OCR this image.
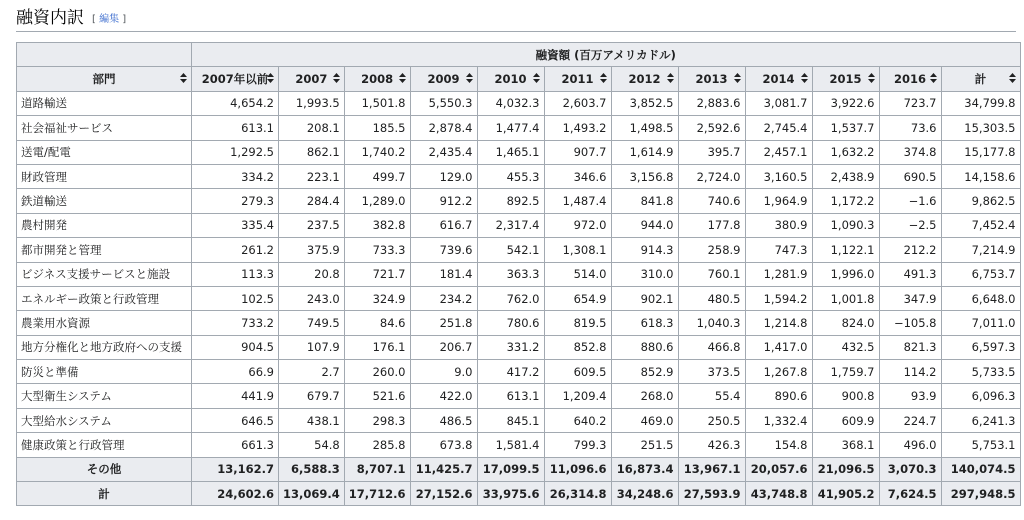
融資内訳 [ 編集 ]
	融資額 (百万アメリカドル)											
部門	2007年以前	2007	2008	2009	2010	2011	2012	2013	2014	2015	2016	計

道路輸送	4,654.2	1,993.5	1,501.8	5,550.3	4,032.3	2,603.7	3,852.5	2,883.6	3,081.7	3,922.6	723.7	34,799.8
社会福祉サービス	613.1	208.1	185.5	2,878.4	1,477.4	1,493.2	1,498.5	2,592.6	2,745.4	1,537.7	73.6	15,303.5
送電/配電	1,292.5	862.1	1,740.2	2,435.4	1,465.1	907.7	1,614.9	395.7	2,457.1	1,632.2	374.8	15,177.8
財政管理	334.2	223.1	499.7	129.0	455.3	346.6	3,156.8	2,724.0	3,160.5	2,438.9	690.5	14,158.6
鉄道輸送	279.3	284.4	1,289.0	912.2	892.5	1,487.4	841.8	740.6	1,964.9	1,172.2	−1.6	9,862.5
農村開発	335.4	237.5	382.8	616.7	2,317.4	972.0	944.0	177.8	380.9	1,090.3	−2.5	7,452.4
都市開発と管理	261.2	375.9	733.3	739.6	542.1	1,308.1	914.3	258.9	747.3	1,122.1	212.2	7,214.9
ビジネス支援サービスと施設	113.3	20.8	721.7	181.4	363.3	514.0	310.0	760.1	1,281.9	1,996.0	491.3	6,753.7
エネルギー政策と行政管理	102.5	243.0	324.9	234.2	762.0	654.9	902.1	480.5	1,594.2	1,001.8	347.9	6,648.0
農業用水資源	733.2	749.5	84.6	251.8	780.6	819.5	618.3	1,040.3	1,214.8	824.0	−105.8	7,011.0
地方分権化と地方政府への支援	904.5	107.9	176.1	206.7	331.2	852.8	880.6	466.8	1,417.0	432.5	821.3	6,597.3
防災と準備	66.9	2.7	260.0	9.0	417.2	609.5	852.9	373.5	1,267.8	1,759.7	114.2	5,733.5
大型衛生システム	441.9	679.7	521.6	422.0	613.1	1,209.4	268.0	55.4	890.6	900.8	93.9	6,096.3
大型給水システム	646.5	438.1	298.3	486.5	845.1	640.2	469.0	250.5	1,332.4	609.9	224.7	6,241.3
健康政策と行政管理	661.3	54.8	285.8	673.8	1,581.4	799.3	251.5	426.3	154.8	368.1	496.0	5,753.1
その他	13,162.7	6,588.3	8,707.1	11,425.7	17,099.5	11,096.6	16,873.4	13,967.1	20,057.6	21,096.5	3,070.3	140,074.5
計	24,602.6	13,069.4	17,712.6	27,152.6	33,975.6	26,314.8	34,248.6	27,593.9	43,748.8	41,905.2	7,624.5	297,948.5
